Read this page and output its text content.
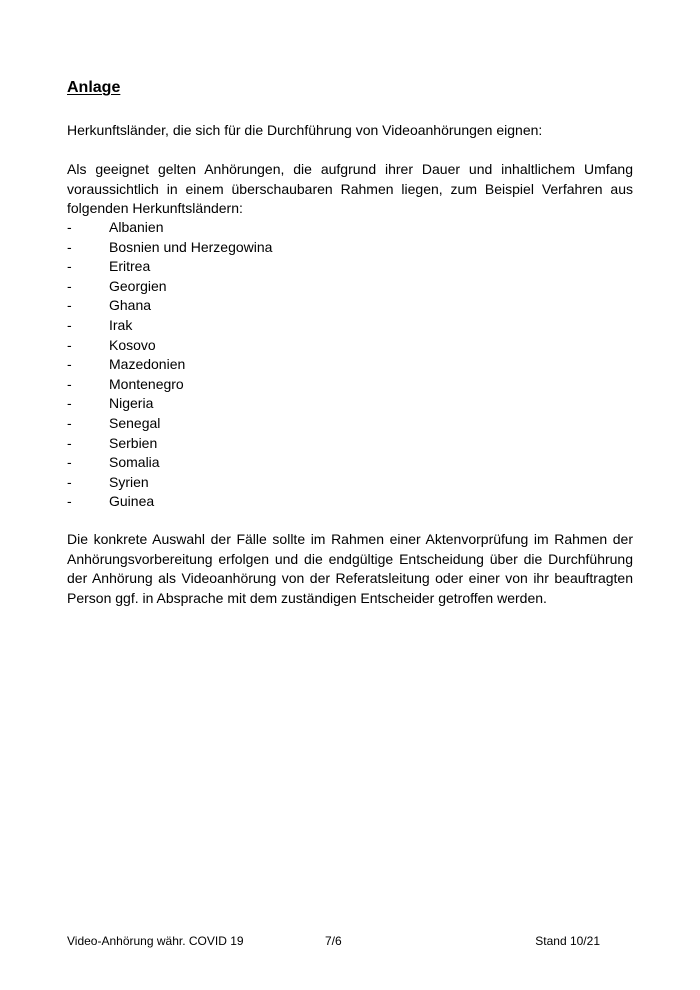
Anlage

Herkunftsländer, die sich für die Durchführung von Videoanhörungen eignen:

Als geeignet gelten Anhörungen, die aufgrund ihrer Dauer und inhaltlichem Umfang voraussichtlich in einem überschaubaren Rahmen liegen, zum Beispiel Verfahren aus folgenden Herkunftsländern:

-	Albanien
-	Bosnien und Herzegowina
-	Eritrea
-	Georgien
-	Ghana
-	Irak
-	Kosovo
-	Mazedonien
-	Montenegro
-	Nigeria
-	Senegal
-	Serbien
-	Somalia
-	Syrien
-	Guinea

Die konkrete Auswahl der Fälle sollte im Rahmen einer Aktenvorprüfung im Rahmen der Anhörungsvorbereitung erfolgen und die endgültige Entscheidung über die Durchführung der Anhörung als Videoanhörung von der Referatsleitung oder einer von ihr beauftragten Person ggf. in Absprache mit dem zuständigen Entscheider getroffen werden.

Video-Anhörung währ. COVID 19	7/6	Stand 10/21
